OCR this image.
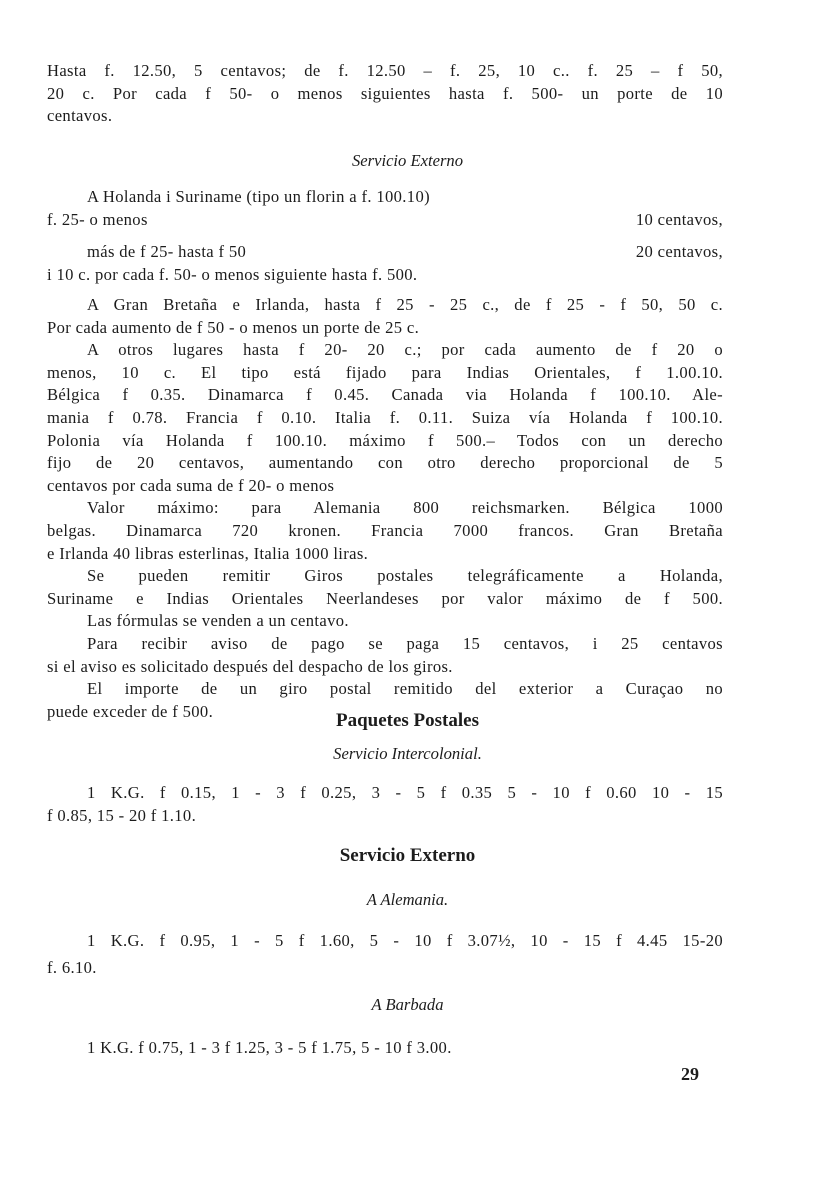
Hasta f. 12.50, 5 centavos; de f. 12.50 – f. 25, 10 c.. f. 25 – f 50,
20 c. Por cada f 50- o menos siguientes hasta f. 500- un porte de 10
centavos.
Servicio Externo
A Holanda i Suriname (tipo un florin a f. 100.10)
f. 25- o menos	10 centavos,
más de f 25- hasta f 50	20 centavos,
i 10 c. por cada f. 50- o menos siguiente hasta f. 500.
A Gran Bretaña e Irlanda, hasta f 25 - 25 c., de f 25 - f 50, 50 c.
Por cada aumento de f 50 - o menos un porte de 25 c.
A otros lugares hasta f 20- 20 c.; por cada aumento de f 20 o
menos, 10 c. El tipo está fijado para Indias Orientales, f 1.00.10.
Bélgica f 0.35. Dinamarca f 0.45. Canada via Holanda f 100.10. Ale-
mania f 0.78. Francia f 0.10. Italia f. 0.11. Suiza vía Holanda f 100.10.
Polonia vía Holanda f 100.10. máximo f 500.– Todos con un derecho
fijo de 20 centavos, aumentando con otro derecho proporcional de 5
centavos por cada suma de f 20- o menos
Valor máximo: para Alemania 800 reichsmarken. Bélgica 1000
belgas. Dinamarca 720 kronen. Francia 7000 francos. Gran Bretaña
e Irlanda 40 libras esterlinas, Italia 1000 liras.
Se pueden remitir Giros postales telegráficamente a Holanda,
Suriname e Indias Orientales Neerlandeses por valor máximo de f 500.
Las fórmulas se venden a un centavo.
Para recibir aviso de pago se paga 15 centavos, i 25 centavos
si el aviso es solicitado después del despacho de los giros.
El importe de un giro postal remitido del exterior a Curaçao no
puede exceder de f 500.	Paquetes Postales
Servicio Intercolonial.
1 K.G. f 0.15, 1 - 3 f 0.25, 3 - 5 f 0.35 5 - 10 f 0.60 10 - 15
f 0.85, 15 - 20 f 1.10.
Servicio Externo
A Alemania.
1 K.G. f 0.95, 1 - 5 f 1.60, 5 - 10 f 3.07½, 10 - 15 f 4.45 15-20
f. 6.10.
A Barbada
1 K.G. f 0.75, 1 - 3 f 1.25, 3 - 5 f 1.75, 5 - 10 f 3.00.
29
